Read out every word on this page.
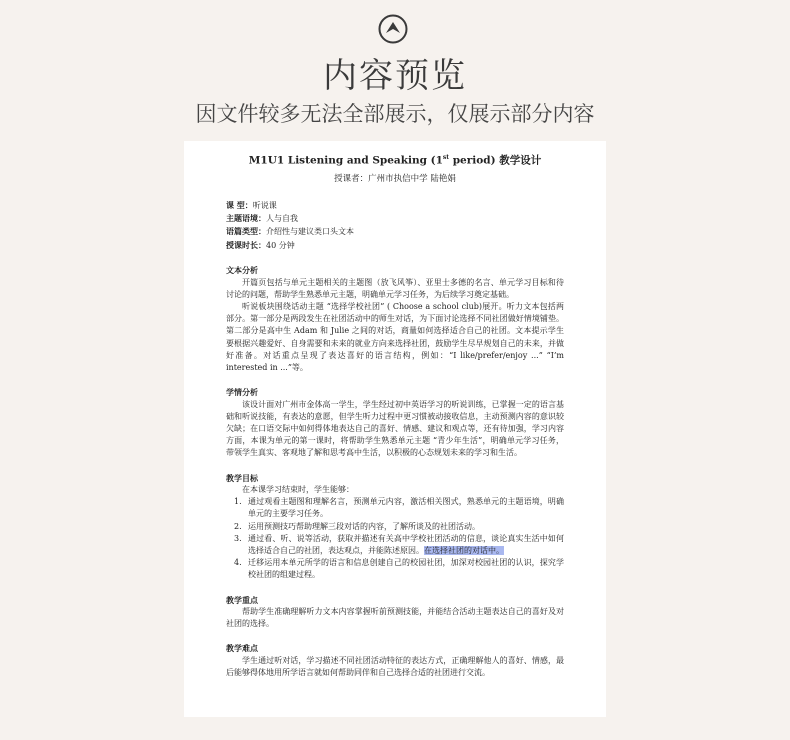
内容预览
因文件较多无法全部展示，仅展示部分内容
M1U1 Listening and Speaking (1st period) 教学设计
授课者：广州市执信中学 陆艳娟
课 型：听说课
主题语境：人与自我
语篇类型：介绍性与建议类口头文本
授课时长：40 分钟
文本分析
开篇页包括与单元主题相关的主题图（放飞风筝）、亚里士多德的名言、单元学习目标和待讨论的问题，帮助学生熟悉单元主题，明确单元学习任务，为后续学习奠定基础。
听说板块围绕话动主题 “选择学校社团” ( Choose a school club)展开。听力文本包括两部分。第一部分是两段发生在社团活动中的师生对话，为下面讨论选择不同社团做好情境铺垫。第二部分是高中生 Adam 和 Julie 之间的对话，商量如何选择适合自己的社团。文本提示学生要根据兴趣爱好、自身需要和未来的就业方向来选择社团，鼓励学生尽早规划自己的未来，并做好准备。对话重点呈现了表达喜好的语言结构，例如：“I like/prefer/enjoy ...” “I’m interested in ...”等。
学情分析
该设计面对广州市金体高一学生，学生经过初中英语学习的听说训练，已掌握一定的语言基础和听说技能，有表达的意愿，但学生听力过程中更习惯被动接收信息，主动预测内容的意识较欠缺；在口语交际中如何得体地表达自己的喜好、情感、建议和观点等，还有待加强，学习内容方面，本课为单元的第一课时，将帮助学生熟悉单元主题 “青少年生活”，明确单元学习任务，带领学生真实、客观地了解和思考高中生活，以积极的心态规划未来的学习和生活。
教学目标
在本课学习结束时，学生能够：
1. 通过观看主题图和理解名言，预测单元内容，激活相关图式，熟悉单元的主题语境，明确单元的主要学习任务。
2. 运用预测技巧帮助理解三段对话的内容，了解所谈及的社团活动。
3. 通过看、听、说等活动，获取并描述有关高中学校社团活动的信息，谈论真实生活中如何选择适合自己的社团，表达观点，并能陈述原因。在选择社团的对话中。
4. 迁移运用本单元所学的语言和信息创建自己的校园社团，加深对校园社团的认识，探究学校社团的组建过程。
教学重点
帮助学生准确理解听力文本内容掌握听前预测技能，并能结合活动主题表达自己的喜好及对社团的选择。
教学难点
学生通过听对话，学习描述不同社团活动特征的表达方式，正确理解他人的喜好、情感，最后能够得体地用所学语言就如何帮助同伴和自己选择合适的社团进行交流。
